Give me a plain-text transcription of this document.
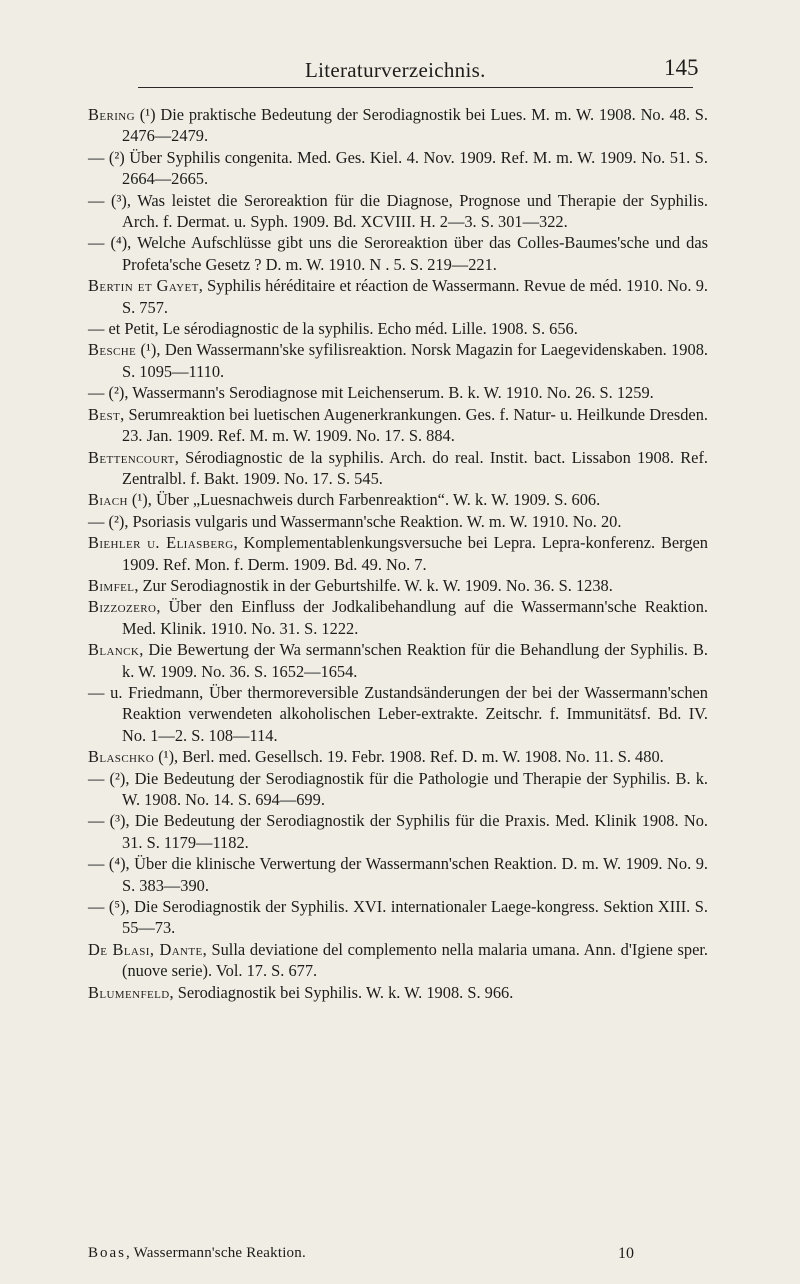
Literaturverzeichnis.	145

Bering (¹) Die praktische Bedeutung der Serodiagnostik bei Lues. M. m. W. 1908. No. 48. S. 2476—2479.

— (²) Über Syphilis congenita. Med. Ges. Kiel. 4. Nov. 1909. Ref. M. m. W. 1909. No. 51. S. 2664—2665.

— (³), Was leistet die Seroreaktion für die Diagnose, Prognose und Therapie der Syphilis. Arch. f. Dermat. u. Syph. 1909. Bd. XCVIII. H. 2—3. S. 301—322.

— (⁴), Welche Aufschlüsse gibt uns die Seroreaktion über das Colles-Baumes'sche und das Profeta'sche Gesetz ? D. m. W. 1910. N . 5. S. 219—221.

Bertin et Gayet, Syphilis héréditaire et réaction de Wassermann. Revue de méd. 1910. No. 9. S. 757.

— et Petit, Le sérodiagnostic de la syphilis. Echo méd. Lille. 1908. S. 656.

Besche (¹), Den Wassermann'ske syfilisreaktion. Norsk Magazin for Laegevidenskaben. 1908. S. 1095—1110.

— (²), Wassermann's Serodiagnose mit Leichenserum. B. k. W. 1910. No. 26. S. 1259.

Best, Serumreaktion bei luetischen Augenerkrankungen. Ges. f. Natur- u. Heilkunde Dresden. 23. Jan. 1909. Ref. M. m. W. 1909. No. 17. S. 884.

Bettencourt, Sérodiagnostic de la syphilis. Arch. do real. Instit. bact. Lissabon 1908. Ref. Zentralbl. f. Bakt. 1909. No. 17. S. 545.

Biach (¹), Über „Luesnachweis durch Farbenreaktion“. W. k. W. 1909. S. 606.

— (²), Psoriasis vulgaris und Wassermann'sche Reaktion. W. m. W. 1910. No. 20.

Biehler u. Eliasberg, Komplementablenkungsversuche bei Lepra. Lepra-konferenz. Bergen 1909. Ref. Mon. f. Derm. 1909. Bd. 49. No. 7.

Bimfel, Zur Serodiagnostik in der Geburtshilfe. W. k. W. 1909. No. 36. S. 1238.

Bizzozero, Über den Einfluss der Jodkalibehandlung auf die Wassermann'sche Reaktion. Med. Klinik. 1910. No. 31. S. 1222.

Blanck, Die Bewertung der Wa sermann'schen Reaktion für die Behandlung der Syphilis. B. k. W. 1909. No. 36. S. 1652—1654.

— u. Friedmann, Über thermoreversible Zustandsänderungen der bei der Wassermann'schen Reaktion verwendeten alkoholischen Leber-extrakte. Zeitschr. f. Immunitätsf. Bd. IV. No. 1—2. S. 108—114.

Blaschko (¹), Berl. med. Gesellsch. 19. Febr. 1908. Ref. D. m. W. 1908. No. 11. S. 480.

— (²), Die Bedeutung der Serodiagnostik für die Pathologie und Therapie der Syphilis. B. k. W. 1908. No. 14. S. 694—699.

— (³), Die Bedeutung der Serodiagnostik der Syphilis für die Praxis. Med. Klinik 1908. No. 31. S. 1179—1182.

— (⁴), Über die klinische Verwertung der Wassermann'schen Reaktion. D. m. W. 1909. No. 9. S. 383—390.

— (⁵), Die Serodiagnostik der Syphilis. XVI. internationaler Laege-kongress. Sektion XIII. S. 55—73.

De Blasi, Dante, Sulla deviatione del complemento nella malaria umana. Ann. d'Igiene sper. (nuove serie). Vol. 17. S. 677.

Blumenfeld, Serodiagnostik bei Syphilis. W. k. W. 1908. S. 966.

Boas, Wassermann'sche Reaktion.	10
